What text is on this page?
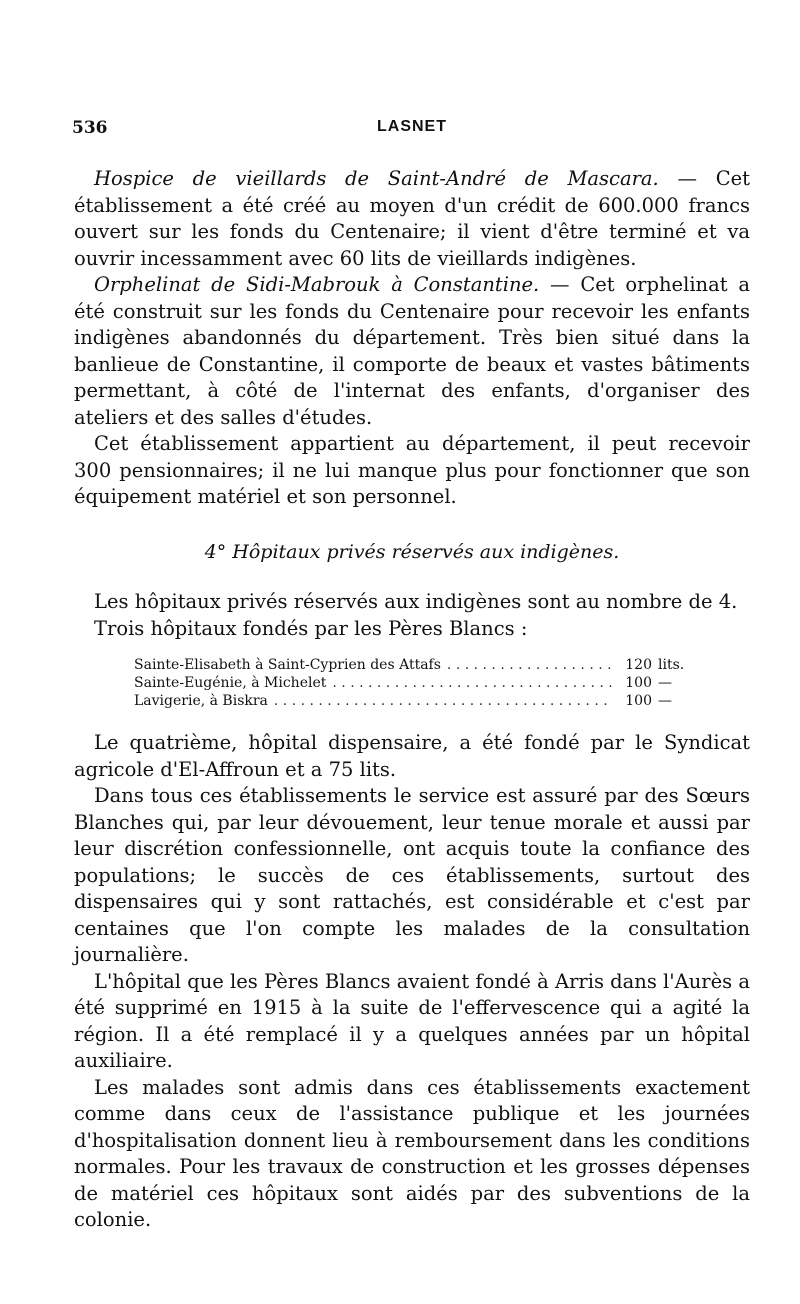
536	LASNET

Hospice de vieillards de Saint-André de Mascara. — Cet établissement a été créé au moyen d'un crédit de 600.000 francs ouvert sur les fonds du Centenaire; il vient d'être terminé et va ouvrir incessamment avec 60 lits de vieillards indigènes.

Orphelinat de Sidi-Mabrouk à Constantine. — Cet orphelinat a été construit sur les fonds du Centenaire pour recevoir les enfants indigènes abandonnés du département. Très bien situé dans la banlieue de Constantine, il comporte de beaux et vastes bâtiments permettant, à côté de l'internat des enfants, d'organiser des ateliers et des salles d'études.

Cet établissement appartient au département, il peut recevoir 300 pensionnaires; il ne lui manque plus pour fonctionner que son équipement matériel et son personnel.

4° Hôpitaux privés réservés aux indigènes.

Les hôpitaux privés réservés aux indigènes sont au nombre de 4.

Trois hôpitaux fondés par les Pères Blancs :

Sainte-Elisabeth à Saint-Cyprien des Attafs . . .	120 lits.
Sainte-Eugénie, à Michelet . . .	100 —
Lavigerie, à Biskra . . .	100 —

Le quatrième, hôpital dispensaire, a été fondé par le Syndicat agricole d'El-Affroun et a 75 lits.

Dans tous ces établissements le service est assuré par des Sœurs Blanches qui, par leur dévouement, leur tenue morale et aussi par leur discrétion confessionnelle, ont acquis toute la confiance des populations; le succès de ces établissements, surtout des dispensaires qui y sont rattachés, est considérable et c'est par centaines que l'on compte les malades de la consultation journalière.

L'hôpital que les Pères Blancs avaient fondé à Arris dans l'Aurès a été supprimé en 1915 à la suite de l'effervescence qui a agité la région. Il a été remplacé il y a quelques années par un hôpital auxiliaire.

Les malades sont admis dans ces établissements exactement comme dans ceux de l'assistance publique et les journées d'hospitalisation donnent lieu à remboursement dans les conditions normales. Pour les travaux de construction et les grosses dépenses de matériel ces hôpitaux sont aidés par des subventions de la colonie.
